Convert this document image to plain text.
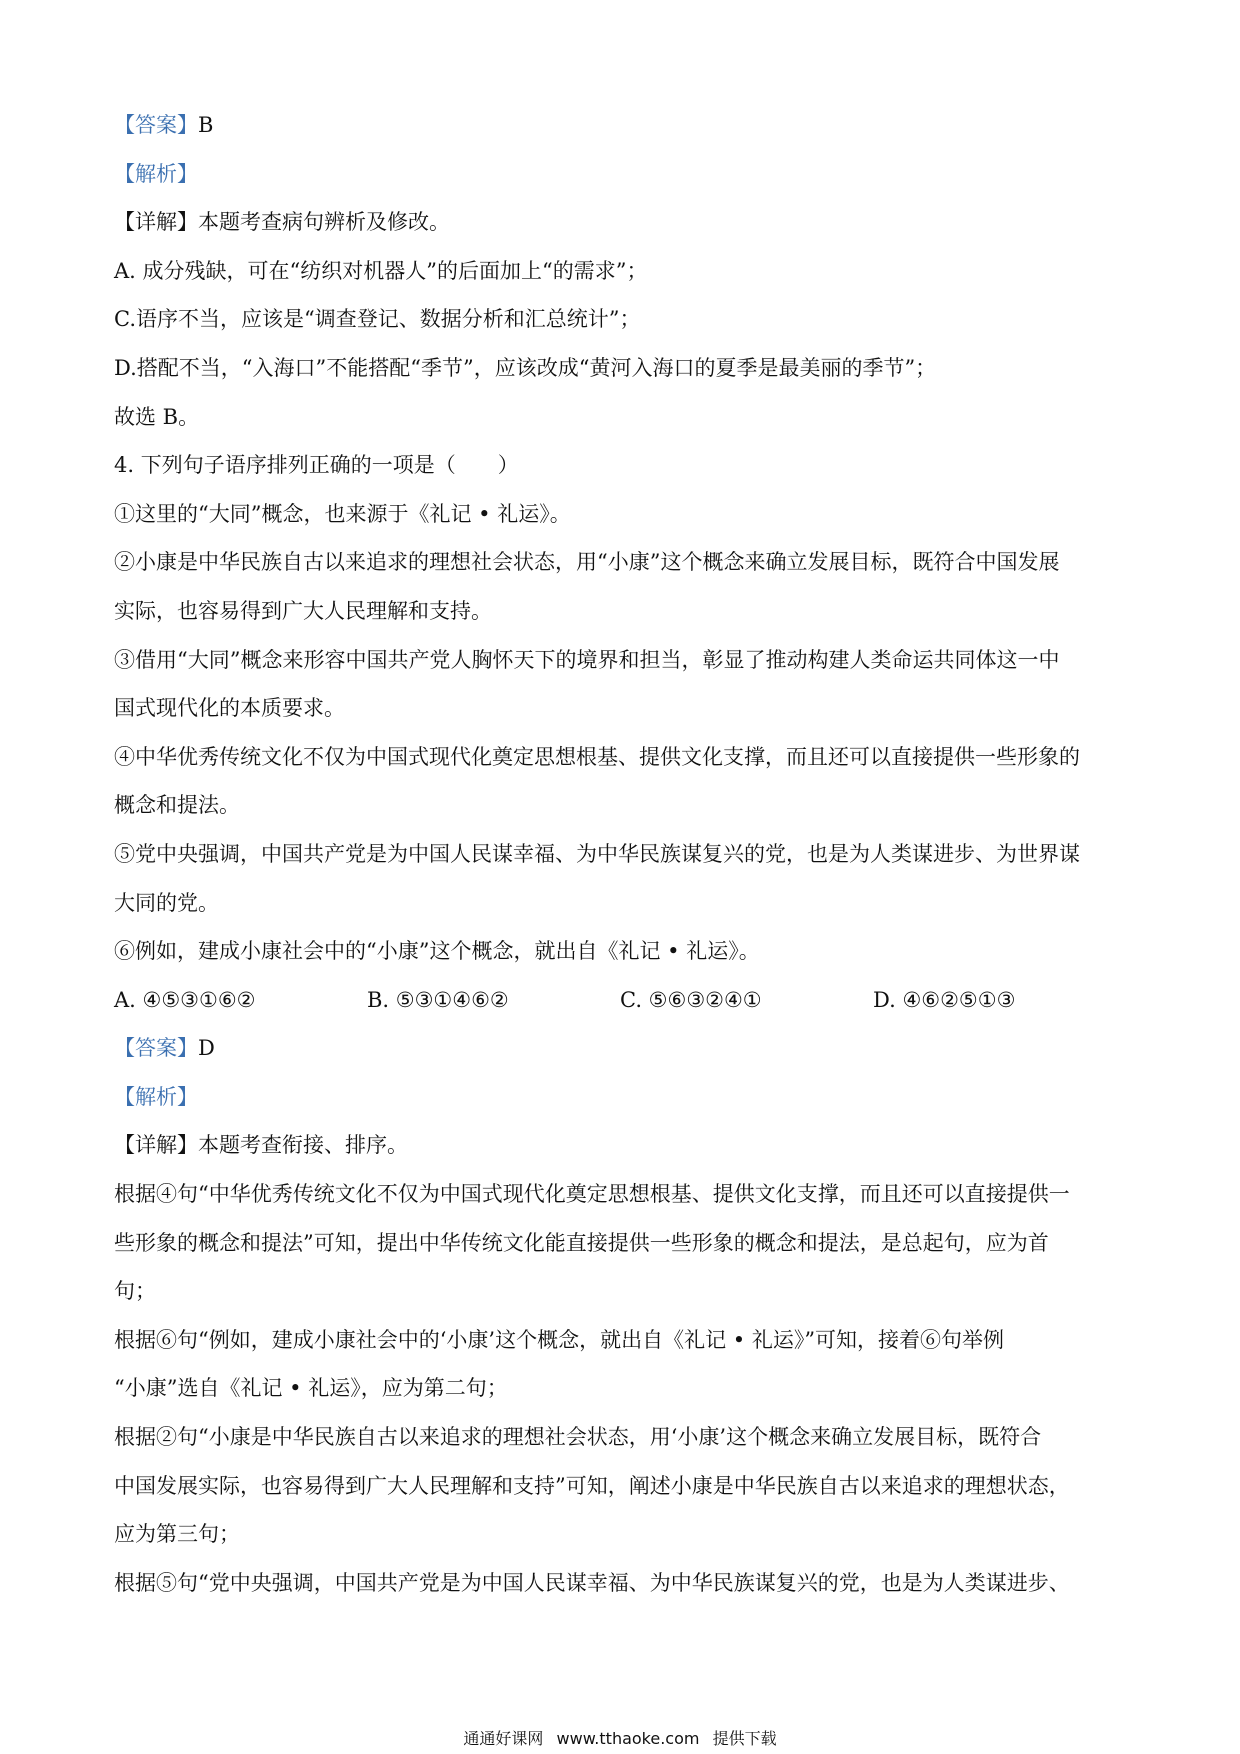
【答案】B
【解析】
【详解】本题考查病句辨析及修改。
A. 成分残缺，可在“纺织对机器人”的后面加上“的需求”；
C.语序不当，应该是“调查登记、数据分析和汇总统计”；
D.搭配不当，“入海口”不能搭配“季节”，应该改成“黄河入海口的夏季是最美丽的季节”；
故选 B。
4. 下列句子语序排列正确的一项是（　　）
①这里的“大同”概念，也来源于《礼记 • 礼运》。
②小康是中华民族自古以来追求的理想社会状态，用“小康”这个概念来确立发展目标，既符合中国发展
实际，也容易得到广大人民理解和支持。
③借用“大同”概念来形容中国共产党人胸怀天下的境界和担当，彰显了推动构建人类命运共同体这一中
国式现代化的本质要求。
④中华优秀传统文化不仅为中国式现代化奠定思想根基、提供文化支撑，而且还可以直接提供一些形象的
概念和提法。
⑤党中央强调，中国共产党是为中国人民谋幸福、为中华民族谋复兴的党，也是为人类谋进步、为世界谋
大同的党。
⑥例如，建成小康社会中的“小康”这个概念，就出自《礼记 • 礼运》。
A. ④⑤③①⑥②	B. ⑤③①④⑥②	C. ⑤⑥③②④①	D. ④⑥②⑤①③
【答案】D
【解析】
【详解】本题考查衔接、排序。
根据④句“中华优秀传统文化不仅为中国式现代化奠定思想根基、提供文化支撑，而且还可以直接提供一
些形象的概念和提法”可知，提出中华传统文化能直接提供一些形象的概念和提法，是总起句，应为首
句；
根据⑥句“例如，建成小康社会中的‘小康’这个概念，就出自《礼记 • 礼运》”可知，接着⑥句举例
“小康”选自《礼记 • 礼运》，应为第二句；
根据②句“小康是中华民族自古以来追求的理想社会状态，用‘小康’这个概念来确立发展目标，既符合
中国发展实际，也容易得到广大人民理解和支持”可知，阐述小康是中华民族自古以来追求的理想状态，
应为第三句；
根据⑤句“党中央强调，中国共产党是为中国人民谋幸福、为中华民族谋复兴的党，也是为人类谋进步、
通通好课网 www.tthaoke.com 提供下载
